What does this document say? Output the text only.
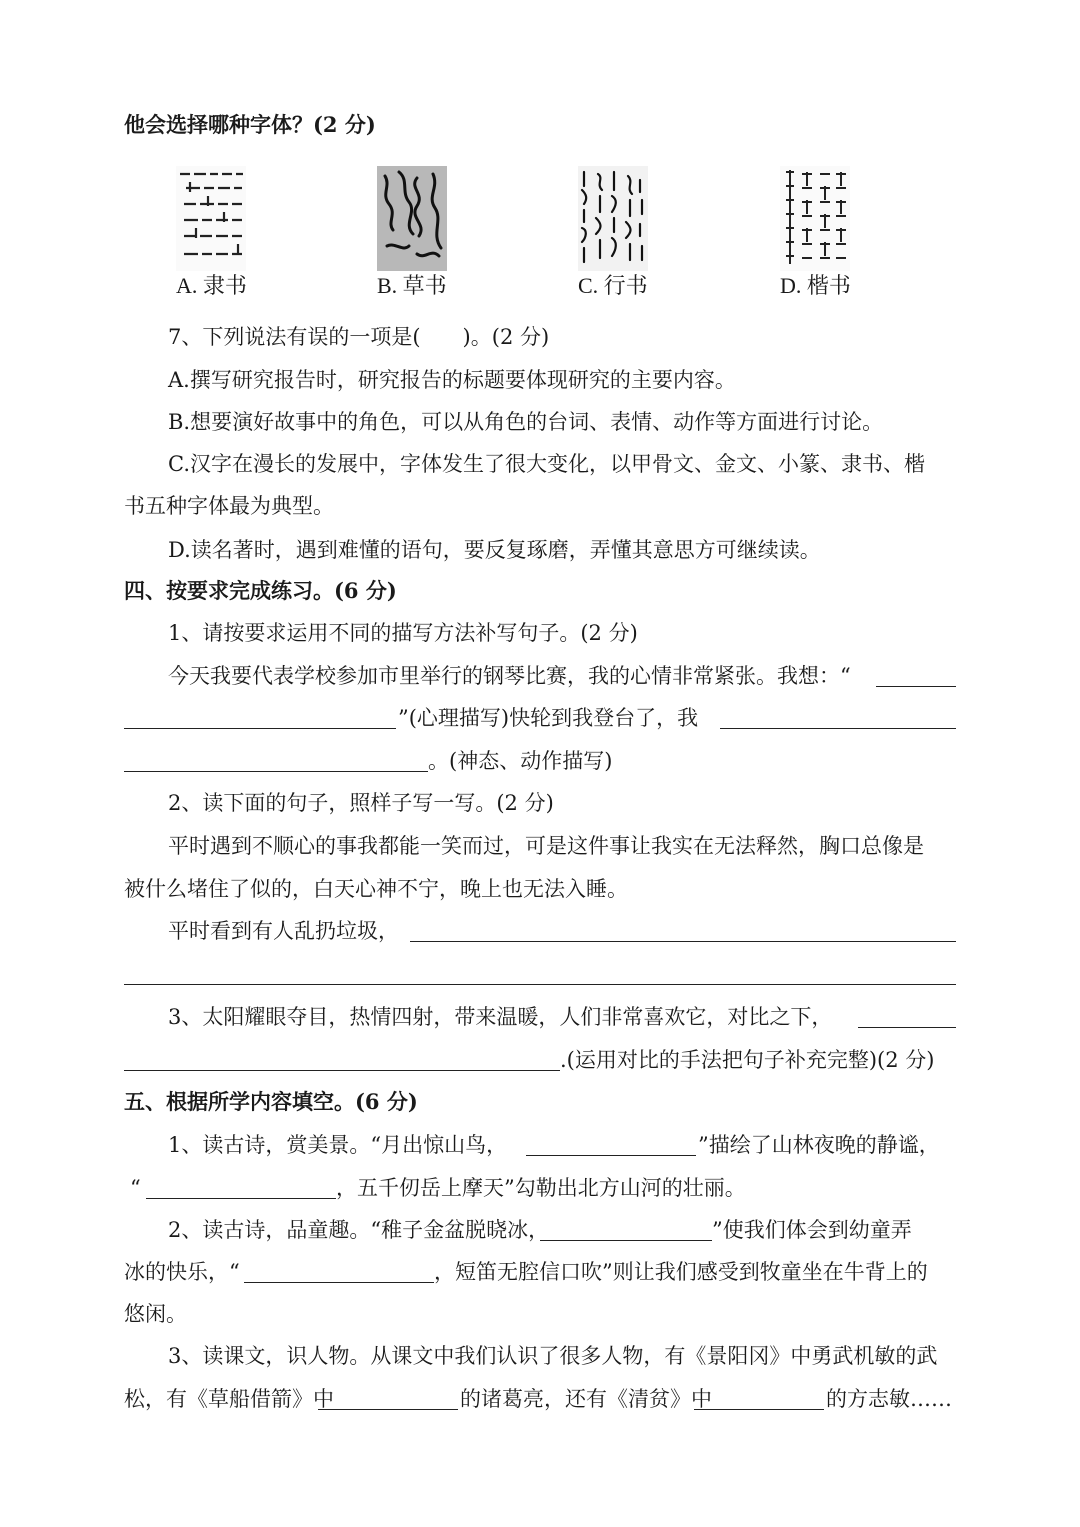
他会选择哪种字体？(2 分)
A. 隶书	B. 草书	C. 行书	D. 楷书
7、下列说法有误的一项是(　　)。(2 分)
A.撰写研究报告时，研究报告的标题要体现研究的主要内容。
B.想要演好故事中的角色，可以从角色的台词、表情、动作等方面进行讨论。
C.汉字在漫长的发展中，字体发生了很大变化，以甲骨文、金文、小篆、隶书、楷
书五种字体最为典型。
D.读名著时，遇到难懂的语句，要反复琢磨，弄懂其意思方可继续读。
四、按要求完成练习。(6 分)
1、请按要求运用不同的描写方法补写句子。(2 分)
今天我要代表学校参加市里举行的钢琴比赛，我的心情非常紧张。我想：“
”(心理描写)快轮到我登台了，我
。(神态、动作描写)
2、读下面的句子，照样子写一写。(2 分)
平时遇到不顺心的事我都能一笑而过，可是这件事让我实在无法释然，胸口总像是
被什么堵住了似的，白天心神不宁，晚上也无法入睡。
平时看到有人乱扔垃圾，
3、太阳耀眼夺目，热情四射，带来温暖，人们非常喜欢它，对比之下，
.(运用对比的手法把句子补充完整)(2 分)
五、根据所学内容填空。(6 分)
1、读古诗，赏美景。“月出惊山鸟，	”描绘了山林夜晚的静谧，
“	，五千仞岳上摩天”勾勒出北方山河的壮丽。
2、读古诗，品童趣。“稚子金盆脱晓冰，	”使我们体会到幼童弄
冰的快乐，“	，短笛无腔信口吹”则让我们感受到牧童坐在牛背上的
悠闲。
3、读课文，识人物。从课文中我们认识了很多人物，有《景阳冈》中勇武机敏的武
松，有《草船借箭》中	的诸葛亮，还有《清贫》中	的方志敏……
